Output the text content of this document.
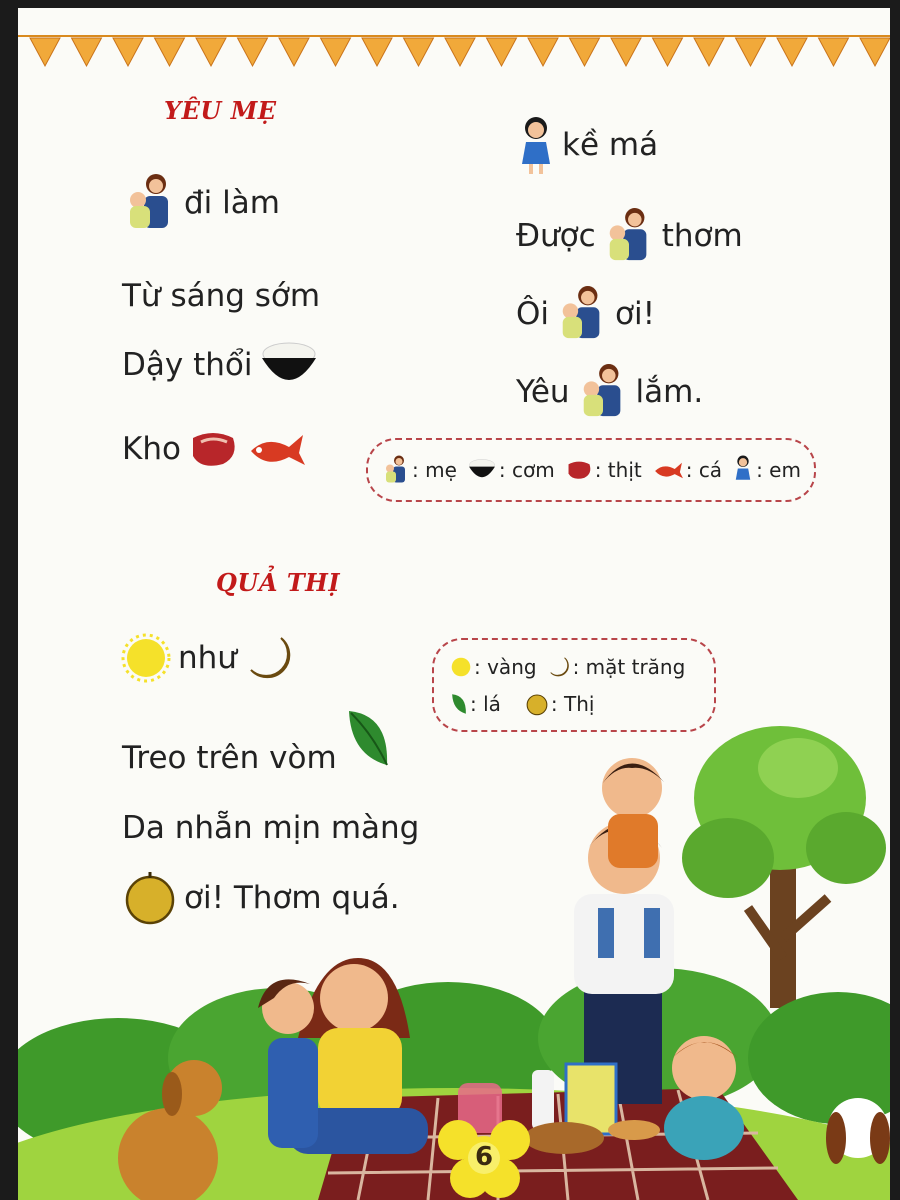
YÊU MẸ
đi làm
Từ sáng sớm
Dậy thổi
Kho
kề má
Được thơm
Ôi ơi!
Yêu lắm.
: mẹ : cơm : thịt : cá : em
QUẢ THỊ
như
Treo trên vòm
Da nhẵn mịn màng
ơi! Thơm quá.
: vàng : mặt trăng
: lá	: Thị
6
